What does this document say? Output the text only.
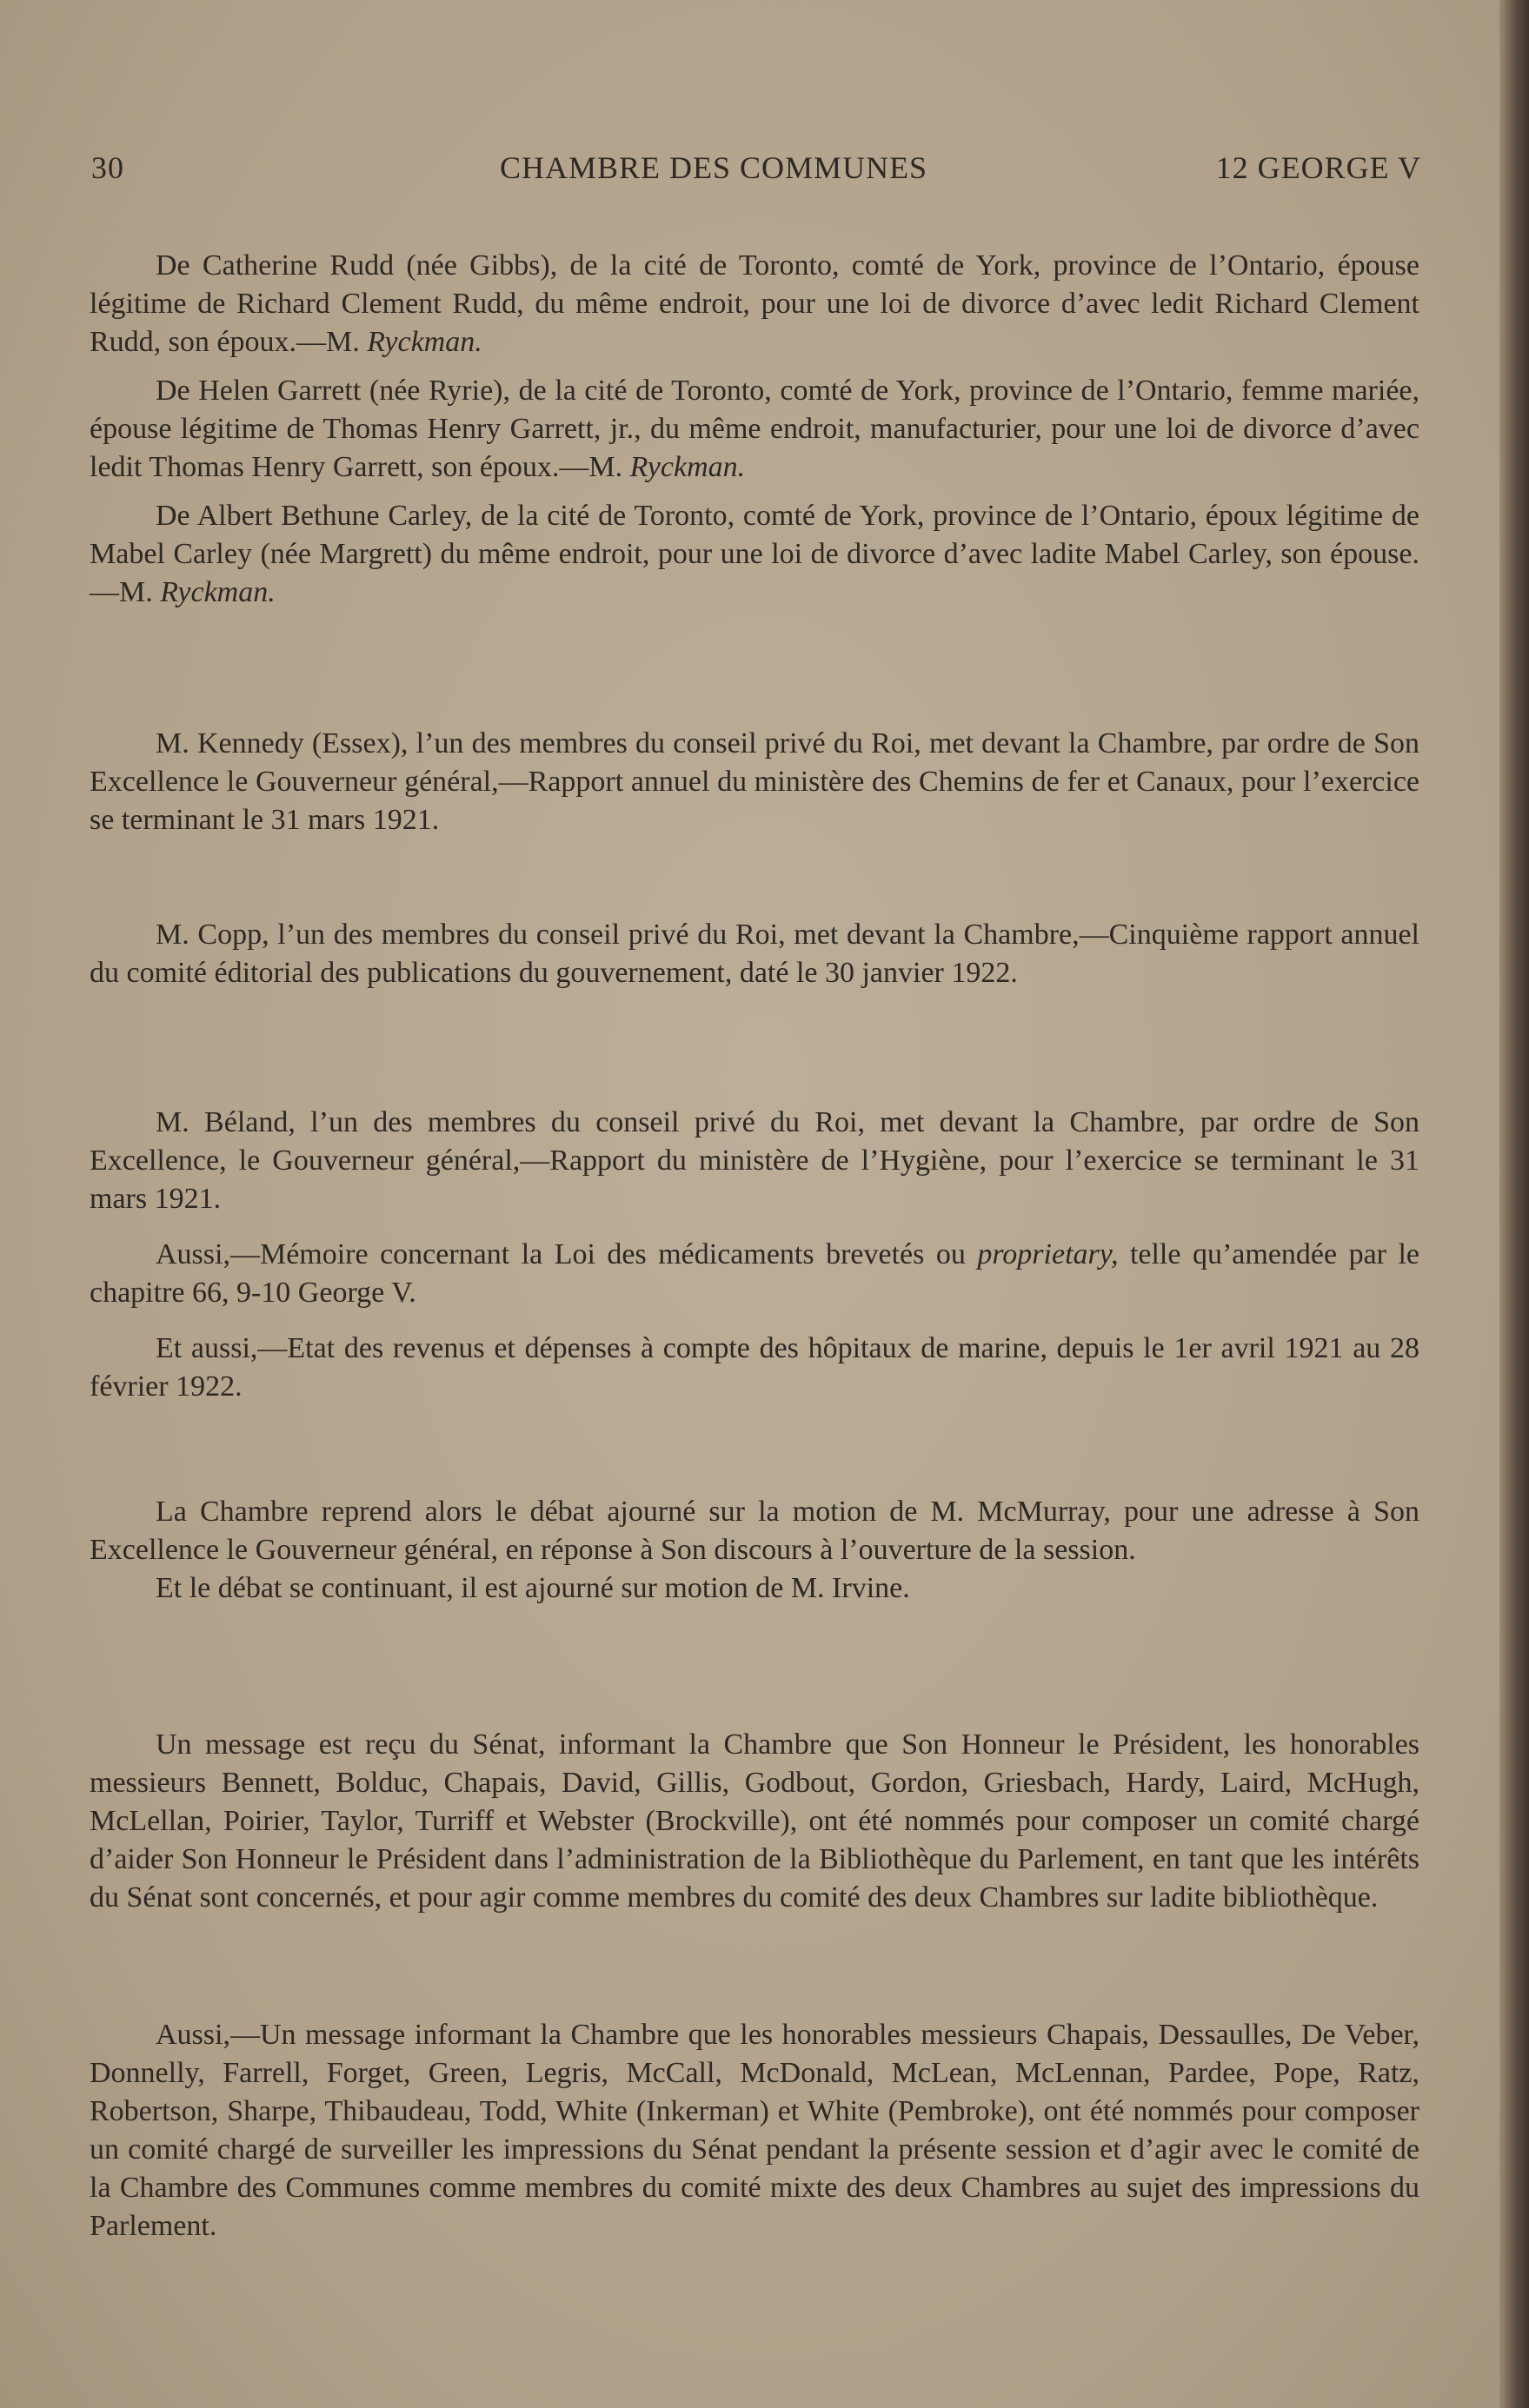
30	CHAMBRE DES COMMUNES	12 GEORGE V

De Catherine Rudd (née Gibbs), de la cité de Toronto, comté de York, province de l’Ontario, épouse légitime de Richard Clement Rudd, du même endroit, pour une loi de divorce d’avec ledit Richard Clement Rudd, son époux.—M. Ryckman.

De Helen Garrett (née Ryrie), de la cité de Toronto, comté de York, province de l’Ontario, femme mariée, épouse légitime de Thomas Henry Garrett, jr., du même endroit, manufacturier, pour une loi de divorce d’avec ledit Thomas Henry Garrett, son époux.—M. Ryckman.

De Albert Bethune Carley, de la cité de Toronto, comté de York, province de l’Ontario, époux légitime de Mabel Carley (née Margrett) du même endroit, pour une loi de divorce d’avec ladite Mabel Carley, son épouse. —M. Ryckman.

M. Kennedy (Essex), l’un des membres du conseil privé du Roi, met devant la Chambre, par ordre de Son Excellence le Gouverneur général,—Rapport annuel du ministère des Chemins de fer et Canaux, pour l’exercice se terminant le 31 mars 1921.

M. Copp, l’un des membres du conseil privé du Roi, met devant la Chambre,—Cinquième rapport annuel du comité éditorial des publications du gouvernement, daté le 30 janvier 1922.

M. Béland, l’un des membres du conseil privé du Roi, met devant la Chambre, par ordre de Son Excellence, le Gouverneur général,—Rapport du ministère de l’Hygiène, pour l’exercice se terminant le 31 mars 1921.

Aussi,—Mémoire concernant la Loi des médicaments brevetés ou proprietary, telle qu’amendée par le chapitre 66, 9-10 George V.

Et aussi,—Etat des revenus et dépenses à compte des hôpitaux de marine, depuis le 1er avril 1921 au 28 février 1922.

La Chambre reprend alors le débat ajourné sur la motion de M. McMurray, pour une adresse à Son Excellence le Gouverneur général, en réponse à Son discours à l’ouverture de la session.

Et le débat se continuant, il est ajourné sur motion de M. Irvine.

Un message est reçu du Sénat, informant la Chambre que Son Honneur le Président, les honorables messieurs Bennett, Bolduc, Chapais, David, Gillis, Godbout, Gordon, Griesbach, Hardy, Laird, McHugh, McLellan, Poirier, Taylor, Turriff et Webster (Brockville), ont été nommés pour composer un comité chargé d’aider Son Honneur le Président dans l’administration de la Bibliothèque du Parlement, en tant que les intérêts du Sénat sont concernés, et pour agir comme membres du comité des deux Chambres sur ladite bibliothèque.

Aussi,—Un message informant la Chambre que les honorables messieurs Chapais, Dessaulles, De Veber, Donnelly, Farrell, Forget, Green, Legris, McCall, McDonald, McLean, McLennan, Pardee, Pope, Ratz, Robertson, Sharpe, Thibaudeau, Todd, White (Inkerman) et White (Pembroke), ont été nommés pour composer un comité chargé de surveiller les impressions du Sénat pendant la présente session et d’agir avec le comité de la Chambre des Communes comme membres du comité mixte des deux Chambres au sujet des impressions du Parlement.
